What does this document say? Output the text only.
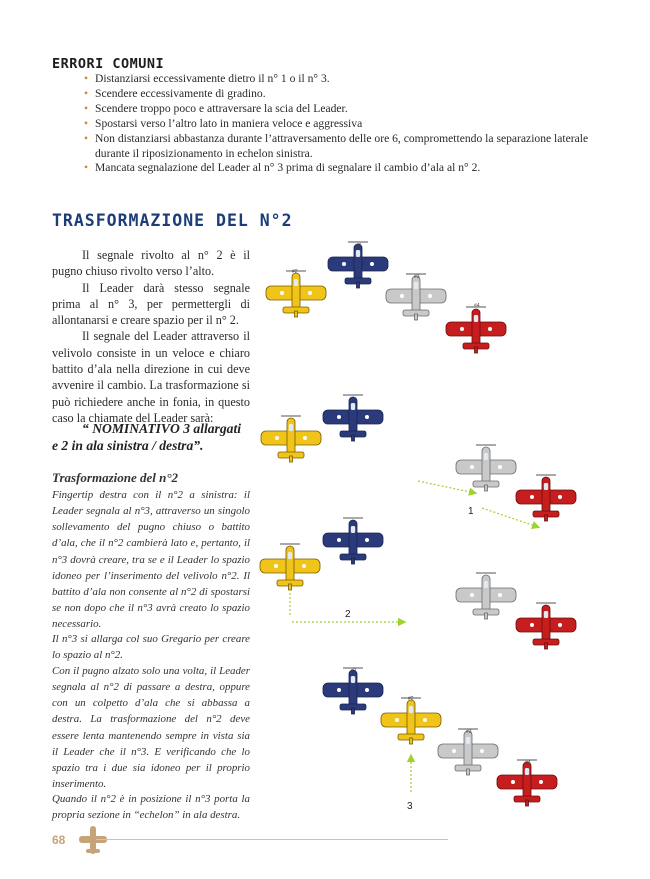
ERRORI COMUNI
• Distanziarsi eccessivamente dietro il n° 1 o il n° 3.
• Scendere eccessivamente di gradino.
• Scendere troppo poco e attraversare la scia del Leader.
• Spostarsi verso l’altro lato in maniera veloce e aggressiva
• Non distanziarsi abbastanza durante l’attraversamento delle ore 6, compromettendo la separazione laterale durante il riposizionamento in echelon sinistra.
• Mancata segnalazione del Leader al n° 3 prima di segnalare il cambio d’ala al n° 2.
TRASFORMAZIONE DEL N°2

Il segnale rivolto al n° 2 è il pugno chiuso rivolto verso l’alto.

Il Leader darà stesso segnale prima al n° 3, per permettergli di allontanarsi e creare spazio per il n° 2.

Il segnale del Leader attraverso il velivolo consiste in un veloce e chiaro battito d’ala nella direzione in cui deve avvenire il cambio. La trasformazione si può richiedere anche in fonia, in questo caso la chiamate del Leader sarà:

“ NOMINATIVO 3 allargati
e 2 in ala sinistra / destra”.
Trasformazione del n°2
Fingertip destra con il n°2 a sinistra: il Leader segnala al n°3, attraverso un singolo sollevamento del pugno chiuso o battito d’ala, che il n°2 cambierà lato e, pertanto, il n°3 dovrà creare, tra se e il Leader lo spazio idoneo per l’inserimento del velivolo n°2. Il battito d’ala non consente al n°2 di spostarsi se non dopo che il n°3 avrà creato lo spazio necessario.
Il n°3 si allarga col suo Gregario per creare lo spazio al n°2.
Con il pugno alzato solo una volta, il Leader segnala al n°2 di passare a destra, oppure con un colpetto d’ala che si abbassa a destra. La trasformazione del n°2 deve essere lenta mantenendo sempre in vista sia il Leader che il n°3. E verificando che lo spazio tra i due sia idoneo per il proprio inserimento.
Quando il n°2 è in posizione il n°3 porta la propria sezione in “echelon” in ala destra.
#1
#2
#3
#4
1
2
#1
#2
#3
#4
3
68
